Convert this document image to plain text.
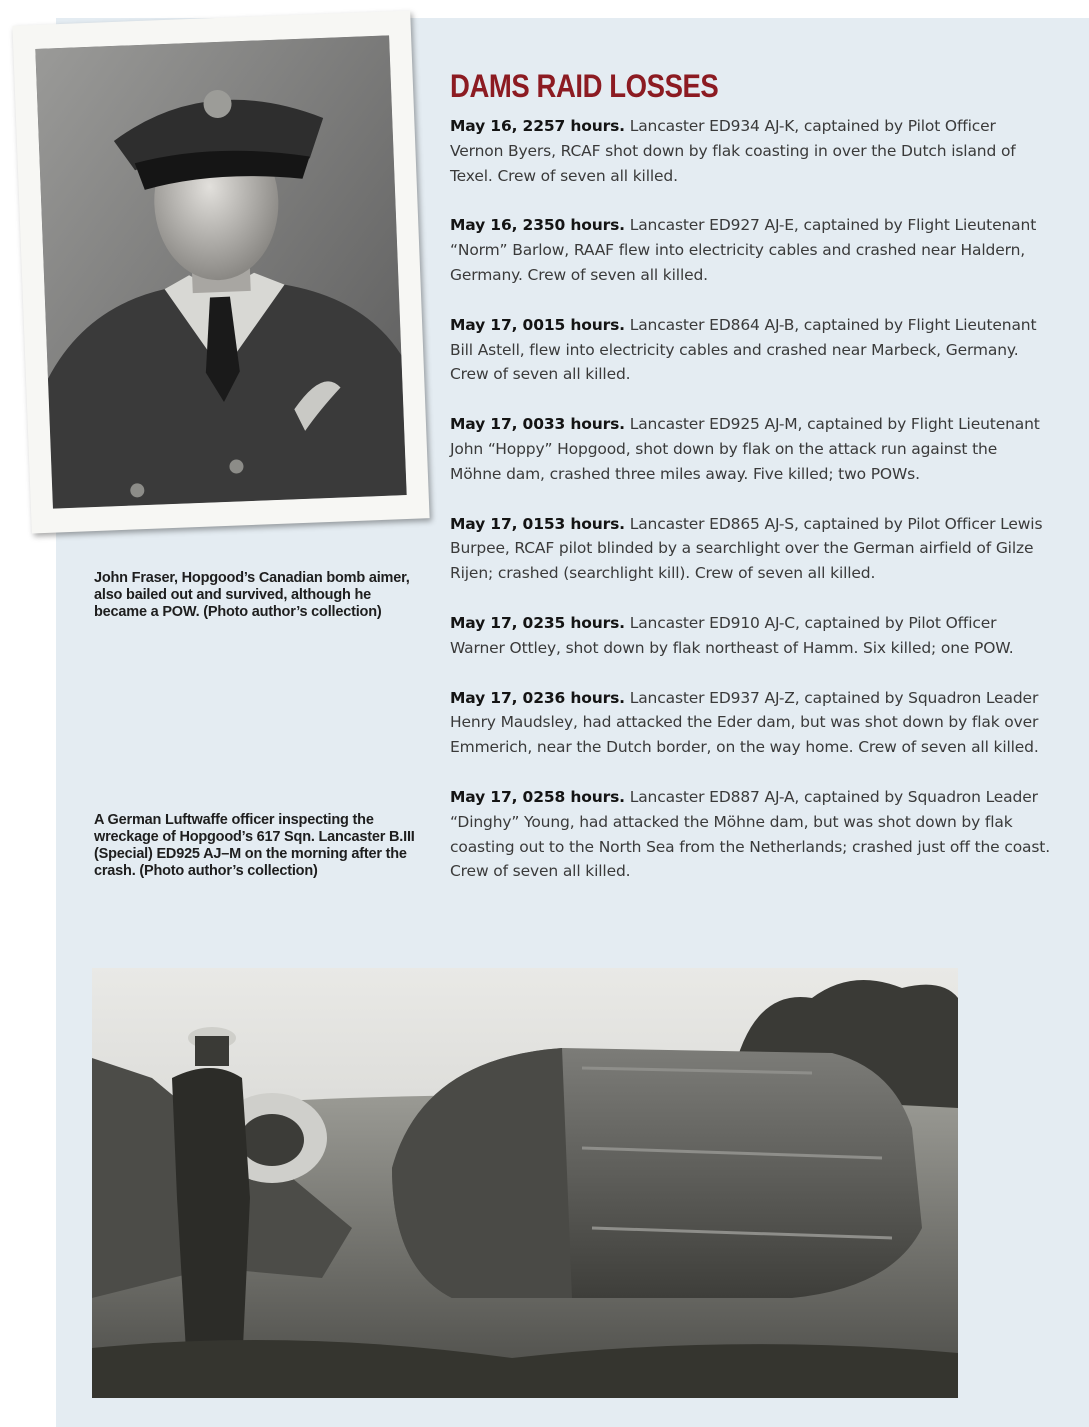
John Fraser, Hopgood’s Canadian bomb aimer, also bailed out and survived, although he became a POW. (Photo author’s collection)
A German Luftwaffe officer inspecting the wreckage of Hopgood’s 617 Sqn. Lancaster B.III (Special) ED925 AJ–M on the morning after the crash. (Photo author’s collection)
DAMS RAID LOSSES

May 16, 2257 hours. Lancaster ED934 AJ-K, captained by Pilot Officer Vernon Byers, RCAF shot down by flak coasting in over the Dutch island of Texel. Crew of seven all killed.

May 16, 2350 hours. Lancaster ED927 AJ-E, captained by Flight Lieutenant “Norm” Barlow, RAAF flew into electricity cables and crashed near Haldern, Germany. Crew of seven all killed.

May 17, 0015 hours. Lancaster ED864 AJ-B, captained by Flight Lieutenant Bill Astell, flew into electricity cables and crashed near Marbeck, Germany. Crew of seven all killed.

May 17, 0033 hours. Lancaster ED925 AJ-M, captained by Flight Lieutenant John “Hoppy” Hopgood, shot down by flak on the attack run against the Möhne dam, crashed three miles away. Five killed; two POWs.

May 17, 0153 hours. Lancaster ED865 AJ-S, captained by Pilot Officer Lewis Burpee, RCAF pilot blinded by a searchlight over the German airfield of Gilze Rijen; crashed (searchlight kill). Crew of seven all killed.

May 17, 0235 hours. Lancaster ED910 AJ-C, captained by Pilot Officer Warner Ottley, shot down by flak northeast of Hamm. Six killed; one POW.

May 17, 0236 hours. Lancaster ED937 AJ-Z, captained by Squadron Leader Henry Maudsley, had attacked the Eder dam, but was shot down by flak over Emmerich, near the Dutch border, on the way home. Crew of seven all killed.

May 17, 0258 hours. Lancaster ED887 AJ-A, captained by Squadron Leader “Dinghy” Young, had attacked the Möhne dam, but was shot down by flak coasting out to the North Sea from the Netherlands; crashed just off the coast. Crew of seven all killed.
